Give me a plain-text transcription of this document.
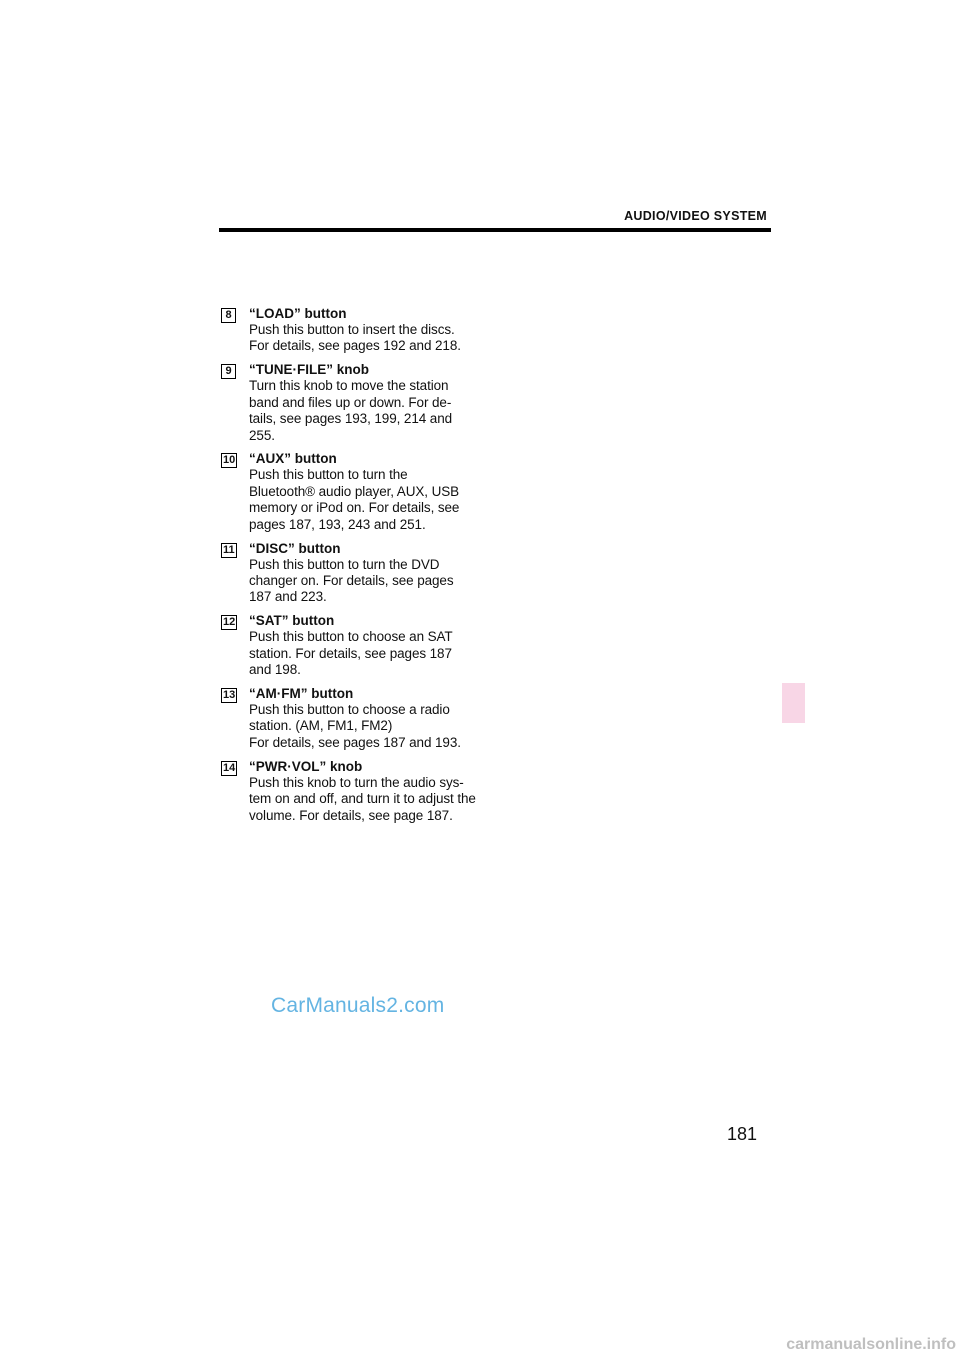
AUDIO/VIDEO SYSTEM
8	“LOAD” button
Push this button to insert the discs.
For details, see pages 192 and 218.
9	“TUNE·FILE” knob
Turn this knob to move the station
band and files up or down. For de-
tails, see pages 193, 199, 214 and
255.
10 “AUX” button
Push this button to turn the
Bluetooth® audio player, AUX, USB
memory or iPod on. For details, see
pages 187, 193, 243 and 251.
11 “DISC” button
Push this button to turn the DVD
changer on. For details, see pages
187 and 223.
12 “SAT” button
Push this button to choose an SAT
station. For details, see pages 187
and 198.
13 “AM·FM” button
Push this button to choose a radio
station. (AM, FM1, FM2)
For details, see pages 187 and 193.
14 “PWR·VOL” knob
Push this knob to turn the audio sys-
tem on and off, and turn it to adjust the
volume. For details, see page 187.
CarManuals2.com
181
carmanualsonline.info
